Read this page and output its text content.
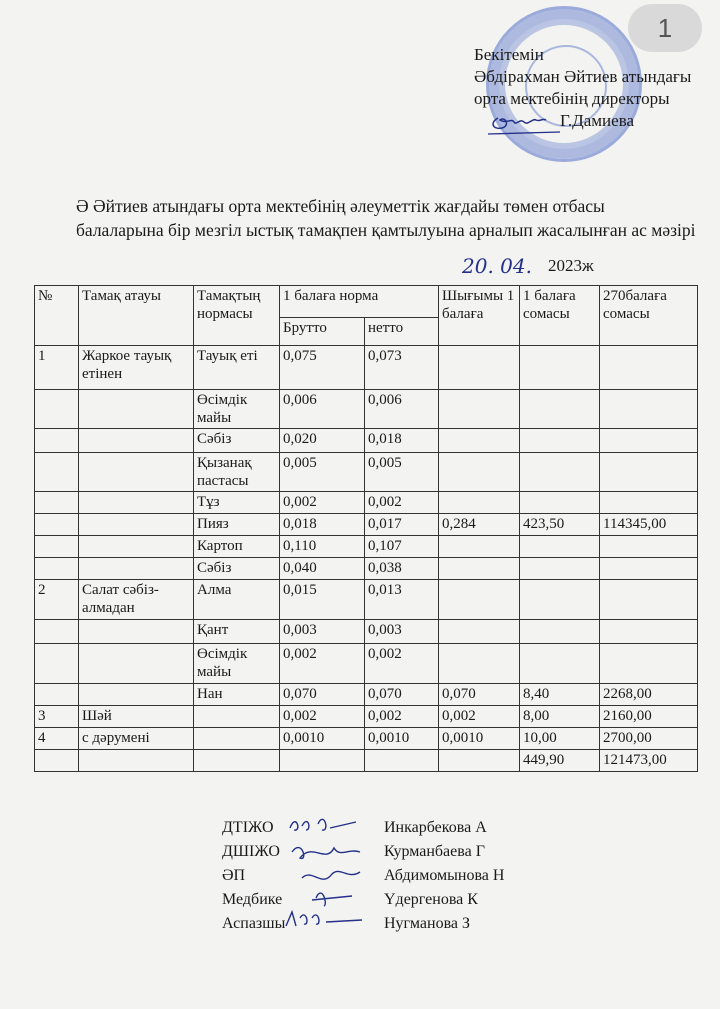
1
Бекітемін
Әбдірахман Әйтиев атындағы
орта мектебінің директоры
Г.Дамиева
Ә Әйтиев атындағы орта мектебінің әлеуметтік жағдайы төмен отбасы
балаларына бір мезгіл ыстық тамақпен қамтылуына арналып жасалынған ас мәзірі
20. 04. 2023ж
№	Тамақ атауы	Тамақтың нормасы	1 балаға норма		Шығымы 1 балаға	1 балаға сомасы	270балаға сомасы
			Брутто	нетто			
1	Жаркое тауық етінен	Тауық еті	0,075	0,073			
		Өсімдік майы	0,006	0,006			
		Сәбіз	0,020	0,018			
		Қызанақ пастасы	0,005	0,005			
		Тұз	0,002	0,002			
		Пияз	0,018	0,017	0,284	423,50	114345,00
		Картоп	0,110	0,107			
		Сәбіз	0,040	0,038			
2	Салат сәбіз-алмадан	Алма	0,015	0,013			
		Қант	0,003	0,003			
		Өсімдік майы	0,002	0,002			
		Нан	0,070	0,070	0,070	8,40	2268,00
3	Шәй		0,002	0,002	0,002	8,00	2160,00
4	с дәрумені		0,0010	0,0010	0,0010	10,00	2700,00
						449,90	121473,00
ДТІЖО	Инкарбекова А
ДШІЖО	Курманбаева Г
ӘП	Абдимомынова Н
Медбике	Үдергенова К
Аспазшы	Нугманова З
